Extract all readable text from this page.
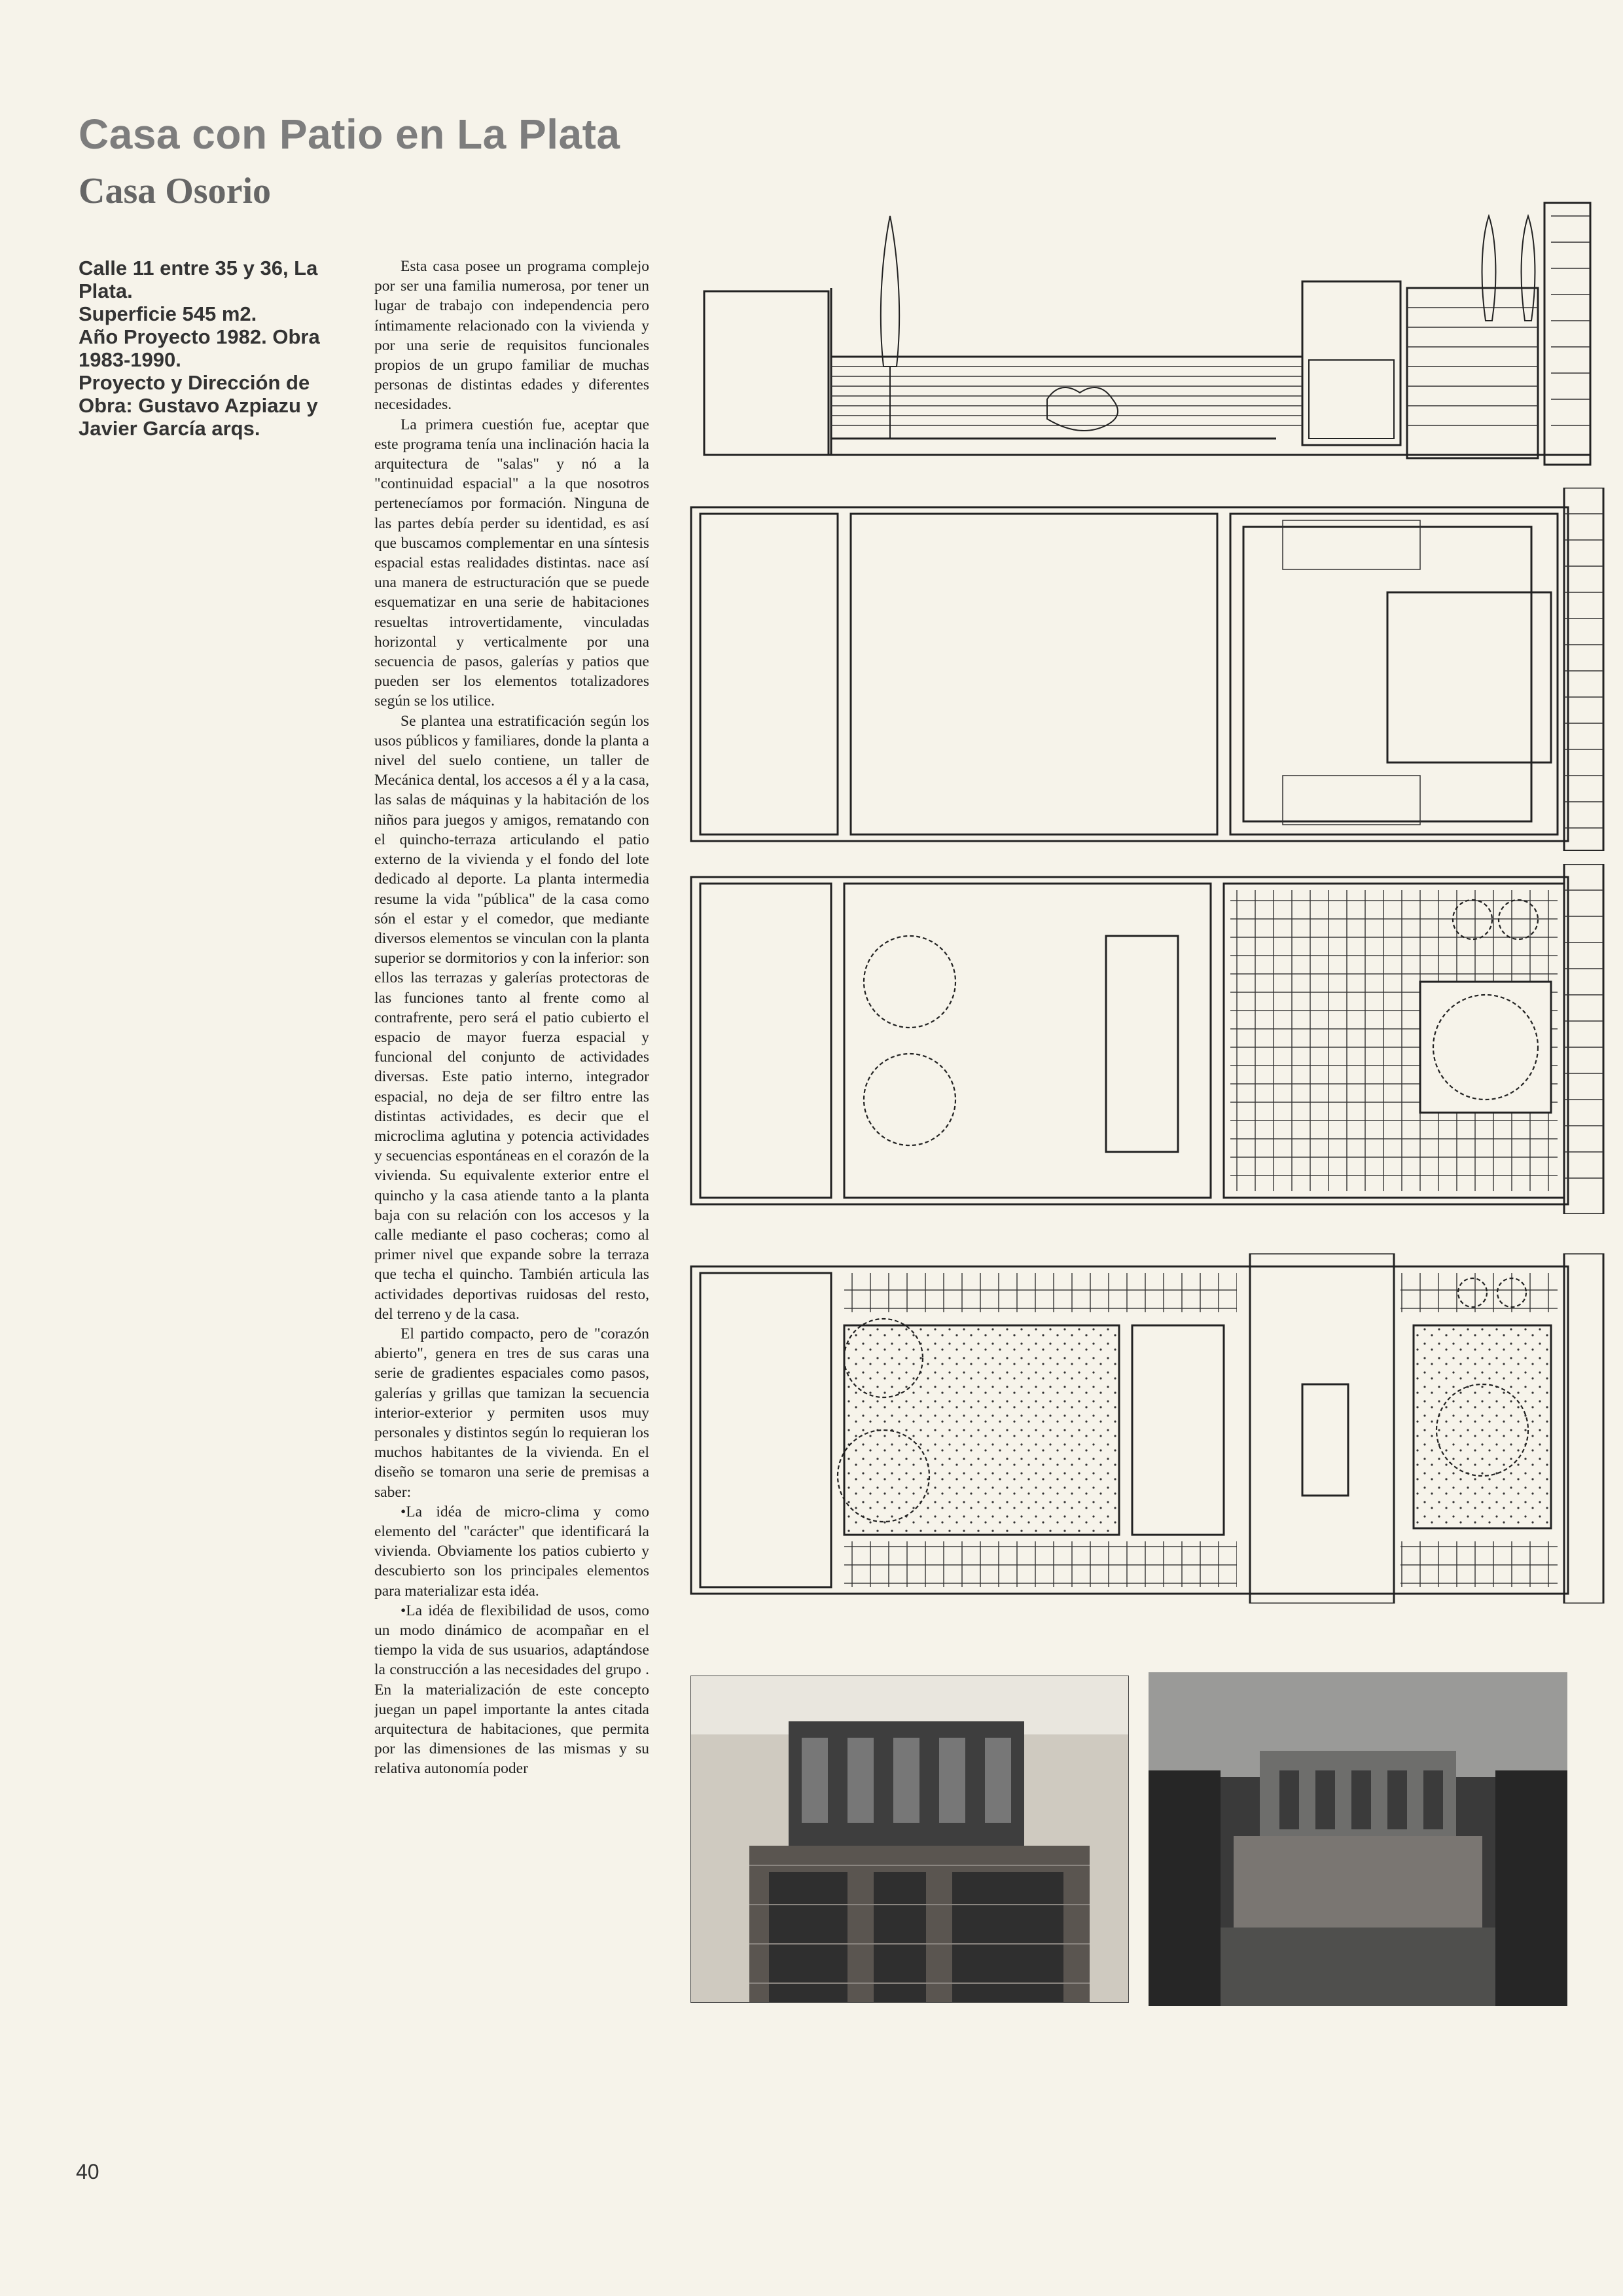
Casa con Patio en La Plata
Casa Osorio

Calle 11 entre 35 y 36, La Plata.

Superficie 545 m2.

Año Proyecto 1982. Obra 1983-1990.

Proyecto y Dirección de Obra: Gustavo Azpiazu y Javier García arqs.

Esta casa posee un programa complejo por ser una familia numerosa, por tener un lugar de trabajo con independencia pero íntimamente relacionado con la vivienda y por una serie de requisitos funcionales propios de un grupo familiar de muchas personas de distintas edades y diferentes necesidades.

La primera cuestión fue, aceptar que este programa tenía una inclinación hacia la arquitectura de "salas" y nó a la "continuidad espacial" a la que nosotros pertenecíamos por formación. Ninguna de las partes debía perder su identidad, es así que buscamos complementar en una síntesis espacial estas realidades distintas. nace así una manera de estructuración que se puede esquematizar en una serie de habitaciones resueltas introvertidamente, vinculadas horizontal y verticalmente por una secuencia de pasos, galerías y patios que pueden ser los elementos totalizadores según se los utilice.

Se plantea una estratificación según los usos públicos y familiares, donde la planta a nivel del suelo contiene, un taller de Mecánica dental, los accesos a él y a la casa, las salas de máquinas y la habitación de los niños para juegos y amigos, rematando con el quincho-terraza articulando el patio externo de la vivienda y el fondo del lote dedicado al deporte. La planta intermedia resume la vida "pública" de la casa como són el estar y el comedor, que mediante diversos elementos se vinculan con la planta superior se dormitorios y con la inferior: son ellos las terrazas y galerías protectoras de las funciones tanto al frente como al contrafrente, pero será el patio cubierto el espacio de mayor fuerza espacial y funcional del conjunto de actividades diversas. Este patio interno, integrador espacial, no deja de ser filtro entre las distintas actividades, es decir que el microclima aglutina y potencia actividades y secuencias espontáneas en el corazón de la vivienda. Su equivalente exterior entre el quincho y la casa atiende tanto a la planta baja con su relación con los accesos y la calle mediante el paso cocheras; como al primer nivel que expande sobre la terraza que techa el quincho. También articula las actividades deportivas ruidosas del resto, del terreno y de la casa.

El partido compacto, pero de "corazón abierto", genera en tres de sus caras una serie de gradientes espaciales como pasos, galerías y grillas que tamizan la secuencia interior-exterior y permiten usos muy personales y distintos según lo requieran los muchos habitantes de la vivienda. En el diseño se tomaron una serie de premisas a saber:

•La idéa de micro-clima y como elemento del "carácter" que identificará la vivienda. Obviamente los patios cubierto y descubierto son los principales elementos para materializar esta idéa.

•La idéa de flexibilidad de usos, como un modo dinámico de acompañar en el tiempo la vida de sus usuarios, adaptándose la construcción a las necesidades del grupo . En la materialización de este concepto juegan un papel importante la antes citada arquitectura de habitaciones, que permita por las dimensiones de las mismas y su relativa autonomía poder

40
